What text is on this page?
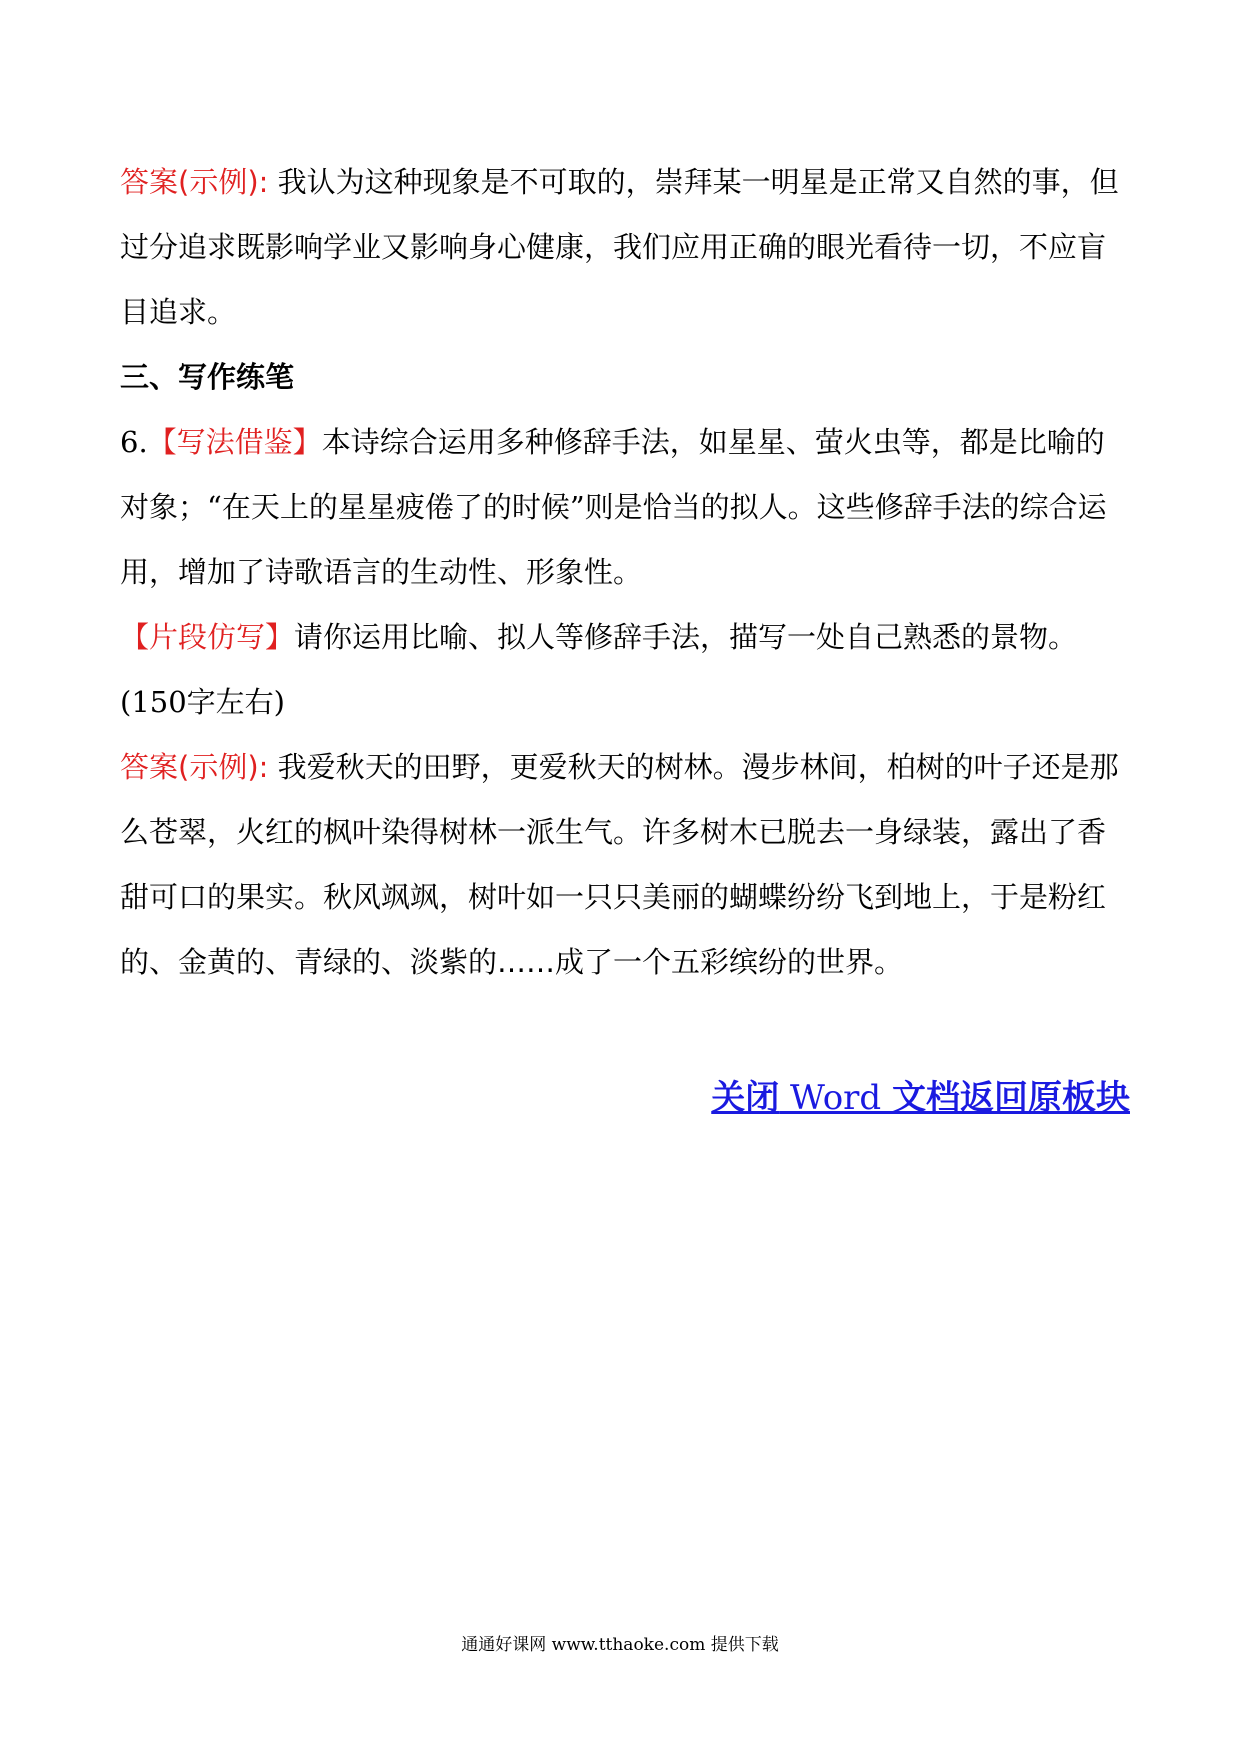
答案(示例): 我认为这种现象是不可取的，崇拜某一明星是正常又自然的事，但过分追求既影响学业又影响身心健康，我们应用正确的眼光看待一切，不应盲目追求。
三、写作练笔
6.【写法借鉴】本诗综合运用多种修辞手法，如星星、萤火虫等，都是比喻的对象；“在天上的星星疲倦了的时候”则是恰当的拟人。这些修辞手法的综合运用，增加了诗歌语言的生动性、形象性。
【片段仿写】请你运用比喻、拟人等修辞手法，描写一处自己熟悉的景物。(150字左右)
答案(示例): 我爱秋天的田野，更爱秋天的树林。漫步林间，柏树的叶子还是那么苍翠，火红的枫叶染得树林一派生气。许多树木已脱去一身绿装，露出了香甜可口的果实。秋风飒飒，树叶如一只只美丽的蝴蝶纷纷飞到地上，于是粉红的、金黄的、青绿的、淡紫的……成了一个五彩缤纷的世界。
关闭 Word 文档返回原板块
通通好课网 www.tthaoke.com 提供下载
